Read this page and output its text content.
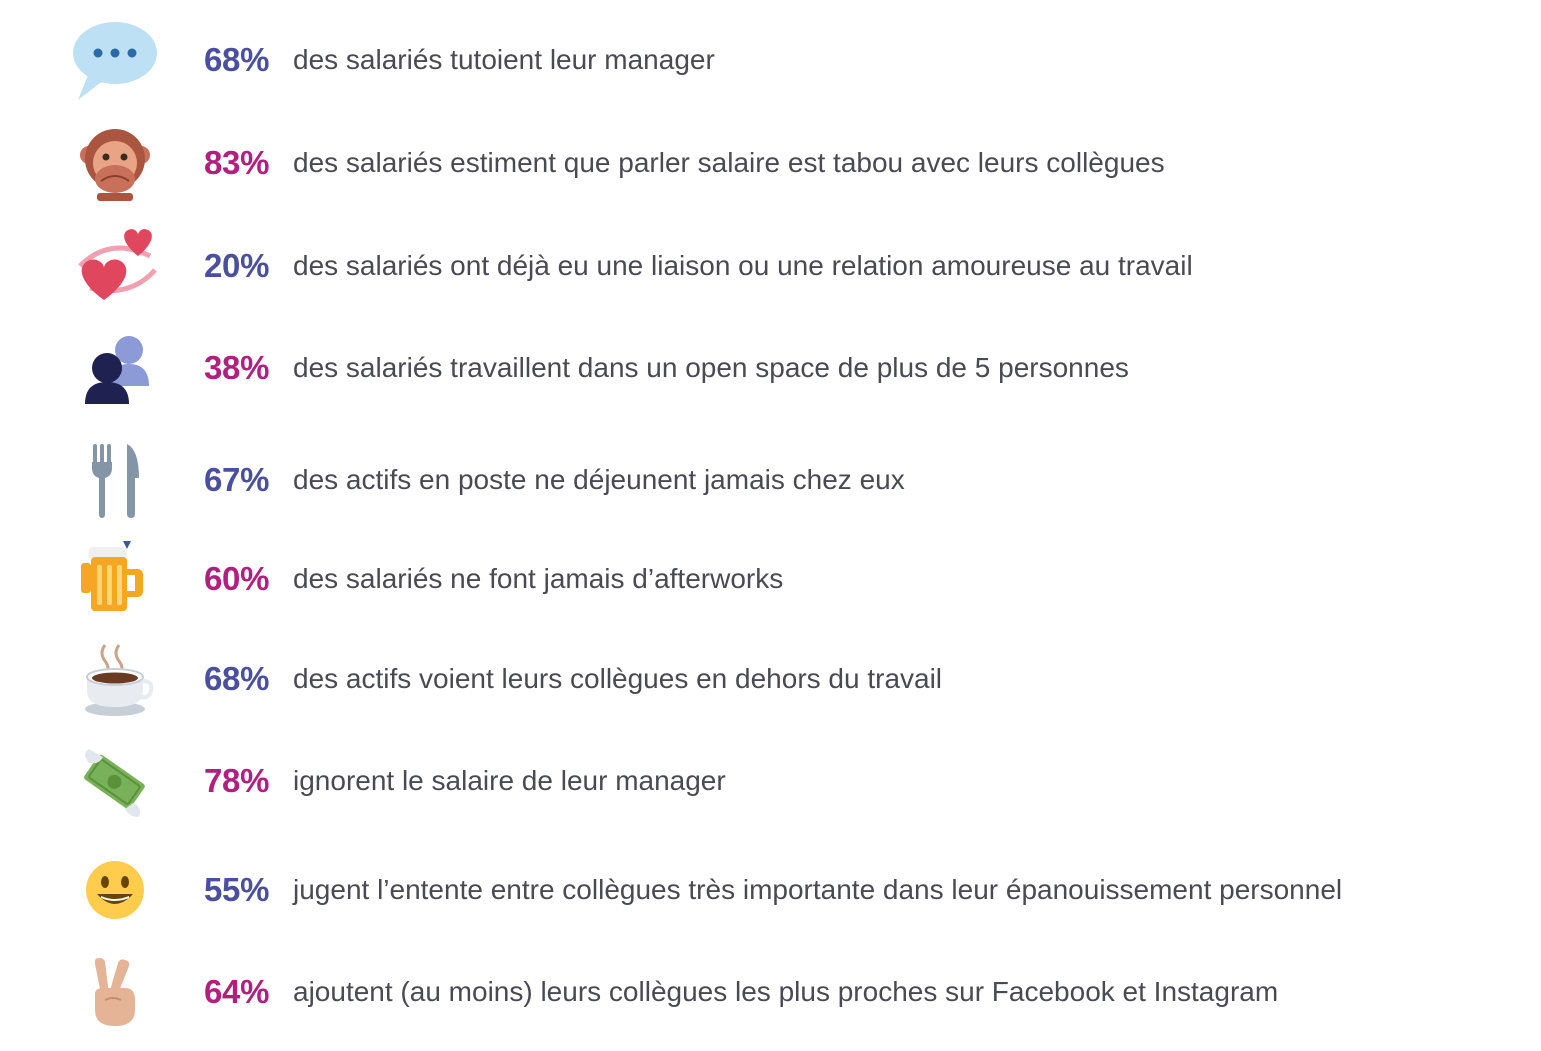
68% des salariés tutoient leur manager
83% des salariés estiment que parler salaire est tabou avec leurs collègues
20% des salariés ont déjà eu une liaison ou une relation amoureuse au travail
38% des salariés travaillent dans un open space de plus de 5 personnes
67% des actifs en poste ne déjeunent jamais chez eux
60% des salariés ne font jamais d’afterworks
68% des actifs voient leurs collègues en dehors du travail
78% ignorent le salaire de leur manager
55% jugent l’entente entre collègues très importante dans leur épanouissement personnel
64% ajoutent (au moins) leurs collègues les plus proches sur Facebook et Instagram
